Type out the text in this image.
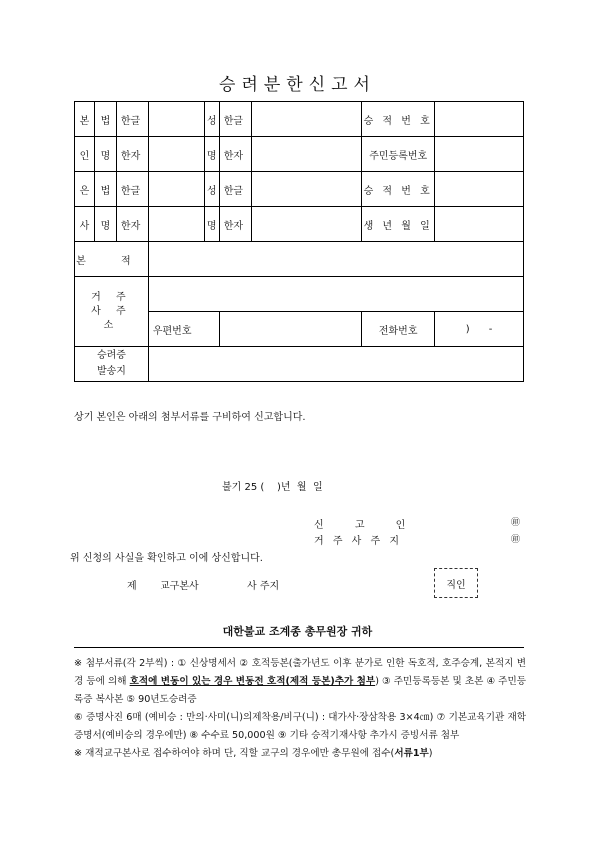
승려분한신고서
본	법	한글		성	한글		승 적 번 호	
인	명	한자		명	한자		주민등록번호	
은	법	한글		성	한글		승 적 번 호	
사	명	한자		명	한자		생 년 월 일	
본 적								
거 주 사 주 소								
			우편번호				전화번호	)      -

승려증
발송지								

상기 본인은 아래의 첨부서류를 구비하여 신고합니다.
불기 25 (    )년  월  일
신 고 인	㊞
거 주 사 주 지	㊞
위 신청의 사실을 확인하고 이에 상신합니다.
제 교구본사	사 주지	직인
대한불교 조계종 총무원장 귀하

※ 첨부서류(각 2부씩) : ① 신상명세서 ② 호적등본(출가년도 이후 분가로 인한 독호적, 호주승계, 본적지 변경 등에 의해 호적에 변동이 있는 경우 변동전 호적(제적 등본)추가 첨부) ③ 주민등록등본 및 초본 ④ 주민등록증 복사본 ⑤ 90년도승려증

⑥ 증명사진 6매 (예비승 : 만의·사미(니)의제착용/비구(니) : 대가사·장삼착용 3×4㎝) ⑦ 기본교육기관 재학증명서(예비승의 경우에만) ⑧ 수수료 50,000원 ⑨ 기타 승적기재사항 추가시 증빙서류 첨부

※ 재적교구본사로 접수하여야 하며 단, 직할 교구의 경우에만 총무원에 접수(서류1부)
